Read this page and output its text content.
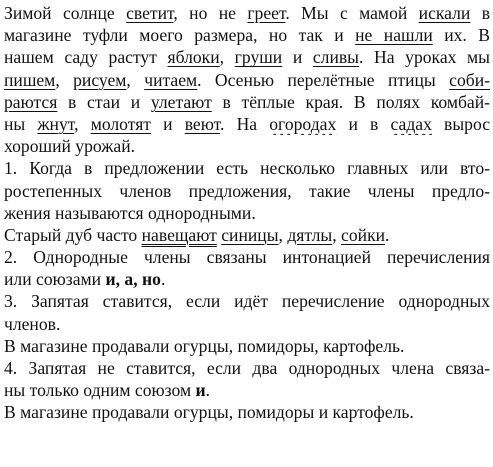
Зимой солнце светит, но не греет. Мы с мамой искали в
магазине туфли моего размера, но так и не нашли их. В
нашем саду растут яблоки, груши и сливы. На уроках мы
пишем, рисуем, читаем. Осенью перелётные птицы соби-
раются в стаи и улетают в тёплые края. В полях комбай-
ны жнут, молотят и веют. На огородах и в садах вырос
хороший урожай.
1. Когда в предложении есть несколько главных или вто-
ростепенных членов предложения, такие члены предло-
жения называются однородными.
Старый дуб часто навещают синицы, дятлы, сойки.
2. Однородные члены связаны интонацией перечисления
или союзами и, а, но.
3. Запятая ставится, если идёт перечисление однородных
членов.
В магазине продавали огурцы, помидоры, картофель.
4. Запятая не ставится, если два однородных члена связа-
ны только одним союзом и.
В магазине продавали огурцы, помидоры и картофель.
